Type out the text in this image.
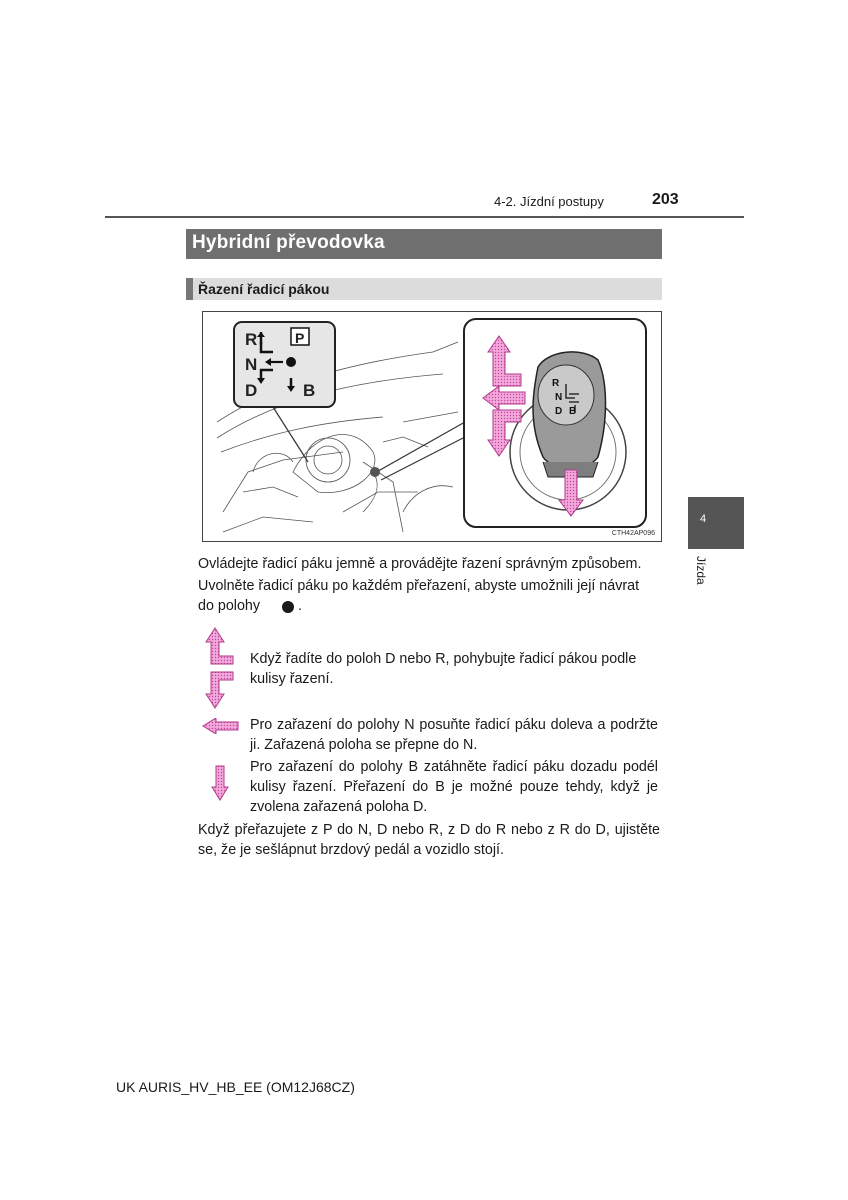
4-2. Jízdní postupy	203
4
Jízda
Hybridní převodovka
Řazení řadicí pákou
R	P
N
D	B	R
N
D B
CTH42AP096
Ovládejte řadicí páku jemně a provádějte řazení správným způsobem.
Uvolněte řadicí páku po každém přeřazení, abyste umožnili její návrat
do polohy	.
Když řadíte do poloh D nebo R, pohybujte řadicí pákou podle kulisy řazení.
Pro zařazení do polohy N posuňte řadicí páku doleva a podržte ji. Zařazená poloha se přepne do N.
Pro zařazení do polohy B zatáhněte řadicí páku dozadu podél kulisy řazení. Přeřazení do B je možné pouze tehdy, když je zvolena zařazená poloha D.
Když přeřazujete z P do N, D nebo R, z D do R nebo z R do D, ujistěte se, že je sešlápnut brzdový pedál a vozidlo stojí.
UK AURIS_HV_HB_EE (OM12J68CZ)
